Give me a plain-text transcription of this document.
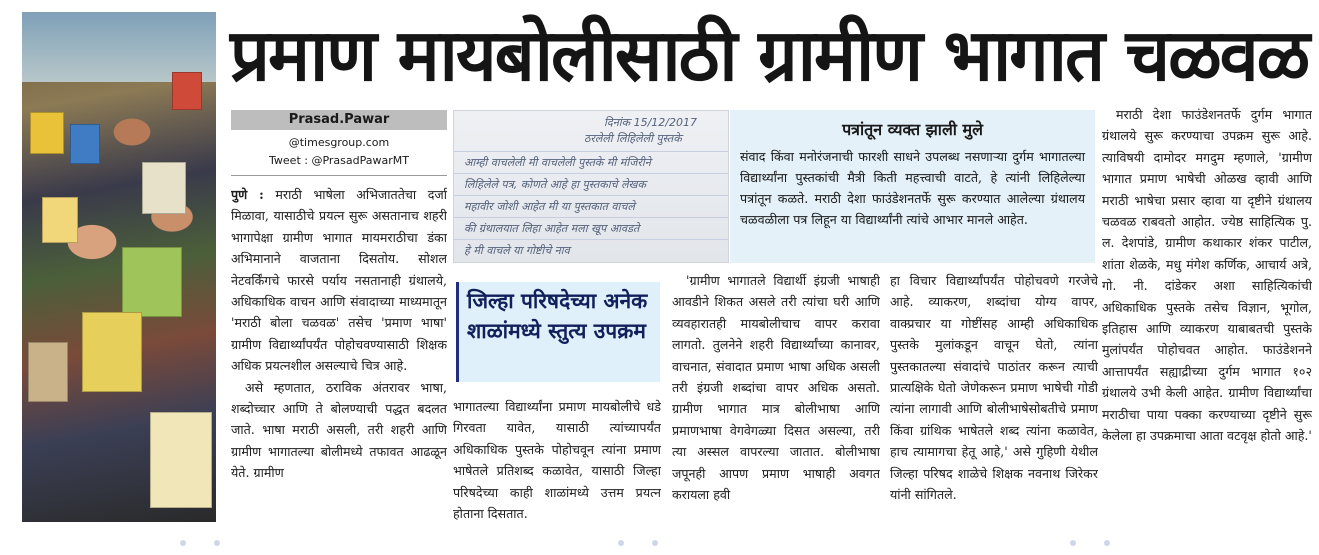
प्रमाण मायबोलीसाठी ग्रामीण भागात चळवळ
Prasad.Pawar
@timesgroup.com
Tweet : @PrasadPawarMT

पुणे : मराठी भाषेला अभिजाततेचा दर्जा मिळावा, यासाठीचे प्रयत्न सुरू असतानाच शहरी भागापेक्षा ग्रामीण भागात मायमराठीचा डंका अभिमानाने वाजताना दिसतोय. सोशल नेटवर्किंगचे फारसे पर्याय नसतानाही ग्रंथालये, अधिकाधिक वाचन आणि संवादाच्या माध्यमातून 'मराठी बोला चळवळ' तसेच 'प्रमाण भाषा' ग्रामीण विद्यार्थ्यांपर्यंत पोहोचवण्यासाठी शिक्षक अधिक प्रयत्नशील असल्याचे चित्र आहे.

असे म्हणतात, ठराविक अंतरावर भाषा, शब्दोच्चार आणि ते बोलण्याची पद्धत बदलत जाते. भाषा मराठी असली, तरी शहरी आणि ग्रामीण भागातल्या बोलीमध्ये तफावत आढळून येते. ग्रामीण

दिनांक 15/12/2017
ठरलेली लिहिलेली पुस्तके
आम्ही वाचलेली मी वाचलेली पुस्तके मी मंजिरीने
लिहिलेले पत्र, कोणते आहे हा पुस्तकाचे लेखक
महावीर जोशी आहेत मी या पुस्तकात वाचले
की ग्रंथालयात लिहा आहेत मला खूप आवडते
हे मी वाचले या गोष्टीचे नाव
पत्रांतून व्यक्त झाली मुले
संवाद किंवा मनोरंजनाची फारशी साधने उपलब्ध नसणाऱ्या दुर्गम भागातल्या विद्यार्थ्यांना पुस्तकांची मैत्री किती महत्त्वाची वाटते, हे त्यांनी लिहिलेल्या पत्रांतून कळते. मराठी देशा फाउंडेशनतर्फे सुरू करण्यात आलेल्या ग्रंथालय चळवळीला पत्र लिहून या विद्यार्थ्यांनी त्यांचे आभार मानले आहेत.
जिल्हा परिषदेच्या अनेक शाळांमध्ये स्तुत्य उपक्रम

भागातल्या विद्यार्थ्यांना प्रमाण मायबोलीचे धडे गिरवता यावेत, यासाठी त्यांच्यापर्यंत अधिकाधिक पुस्तके पोहोचवून त्यांना प्रमाण भाषेतले प्रतिशब्द कळावेत, यासाठी जिल्हा परिषदेच्या काही शाळांमध्ये उत्तम प्रयत्न होताना दिसतात.

'ग्रामीण भागातले विद्यार्थी इंग्रजी भाषाही आवडीने शिकत असले तरी त्यांचा घरी आणि व्यवहारातही मायबोलीचाच वापर करावा लागतो. तुलनेने शहरी विद्यार्थ्यांच्या कानावर, वाचनात, संवादात प्रमाण भाषा अधिक असली तरी इंग्रजी शब्दांचा वापर अधिक असतो. ग्रामीण भागात मात्र बोलीभाषा आणि प्रमाणभाषा वेगवेगळ्या दिसत असल्या, तरी त्या अस्सल वापरल्या जातात. बोलीभाषा जपूनही आपण प्रमाण भाषाही अवगत करायला हवी

हा विचार विद्यार्थ्यांपर्यंत पोहोचवणे गरजेचे आहे. व्याकरण, शब्दांचा योग्य वापर, वाक्प्रचार या गोष्टींसह आम्ही अधिकाधिक पुस्तके मुलांकडून वाचून घेतो, त्यांना पुस्तकातल्या संवादांचे पाठांतर करून त्याची प्रात्यक्षिके घेतो जेणेकरून प्रमाण भाषेची गोडी त्यांना लागावी आणि बोलीभाषेसोबतीचे प्रमाण किंवा ग्रांथिक भाषेतले शब्द त्यांना कळावेत, हाच त्यामागचा हेतू आहे,' असे गुहिणी येथील जिल्हा परिषद शाळेचे शिक्षक नवनाथ जिरेकर यांनी सांगितले.

मराठी देशा फाउंडेशनतर्फे दुर्गम भागात ग्रंथालये सुरू करण्याचा उपक्रम सुरू आहे. त्याविषयी दामोदर मगदुम म्हणाले, 'ग्रामीण भागात प्रमाण भाषेची ओळख व्हावी आणि मराठी भाषेचा प्रसार व्हावा या दृष्टीने ग्रंथालय चळवळ राबवतो आहोत. ज्येष्ठ साहित्यिक पु. ल. देशपांडे, ग्रामीण कथाकार शंकर पाटील, शांता शेळके, मधु मंगेश कर्णिक, आचार्य अत्रे, गो. नी. दांडेकर अशा साहित्यिकांची अधिकाधिक पुस्तके तसेच विज्ञान, भूगोल, इतिहास आणि व्याकरण याबाबतची पुस्तके मुलांपर्यंत पोहोचवत आहोत. फाउंडेशनने आत्तापर्यंत सह्याद्रीच्या दुर्गम भागात १०२ ग्रंथालये उभी केली आहेत. ग्रामीण विद्यार्थ्यांचा मराठीचा पाया पक्का करण्याच्या दृष्टीने सुरू केलेला हा उपक्रमाचा आता वटवृक्ष होतो आहे.'
